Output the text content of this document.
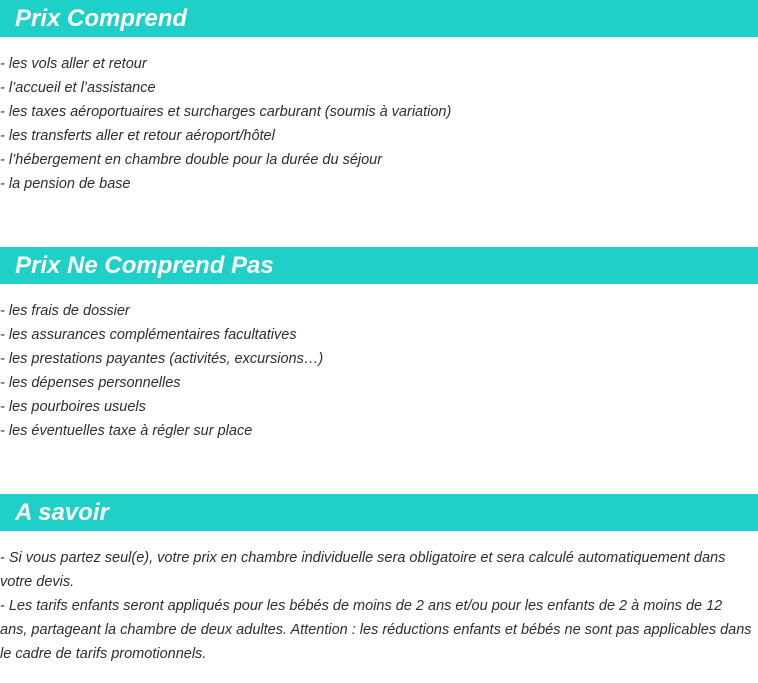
Prix Comprend
- les vols aller et retour
- l’accueil et l’assistance
- les taxes aéroportuaires et surcharges carburant (soumis à variation)
- les transferts aller et retour aéroport/hôtel
- l’hébergement en chambre double pour la durée du séjour
- la pension de base
Prix Ne Comprend Pas
- les frais de dossier
- les assurances complémentaires facultatives
- les prestations payantes (activités, excursions…)
- les dépenses personnelles
- les pourboires usuels
- les éventuelles taxe à régler sur place
A savoir

- Si vous partez seul(e), votre prix en chambre individuelle sera obligatoire et sera calculé automatiquement dans votre devis.

- Les tarifs enfants seront appliqués pour les bébés de moins de 2 ans et/ou pour les enfants de 2 à moins de 12 ans, partageant la chambre de deux adultes. Attention : les réductions enfants et bébés ne sont pas applicables dans le cadre de tarifs promotionnels.
